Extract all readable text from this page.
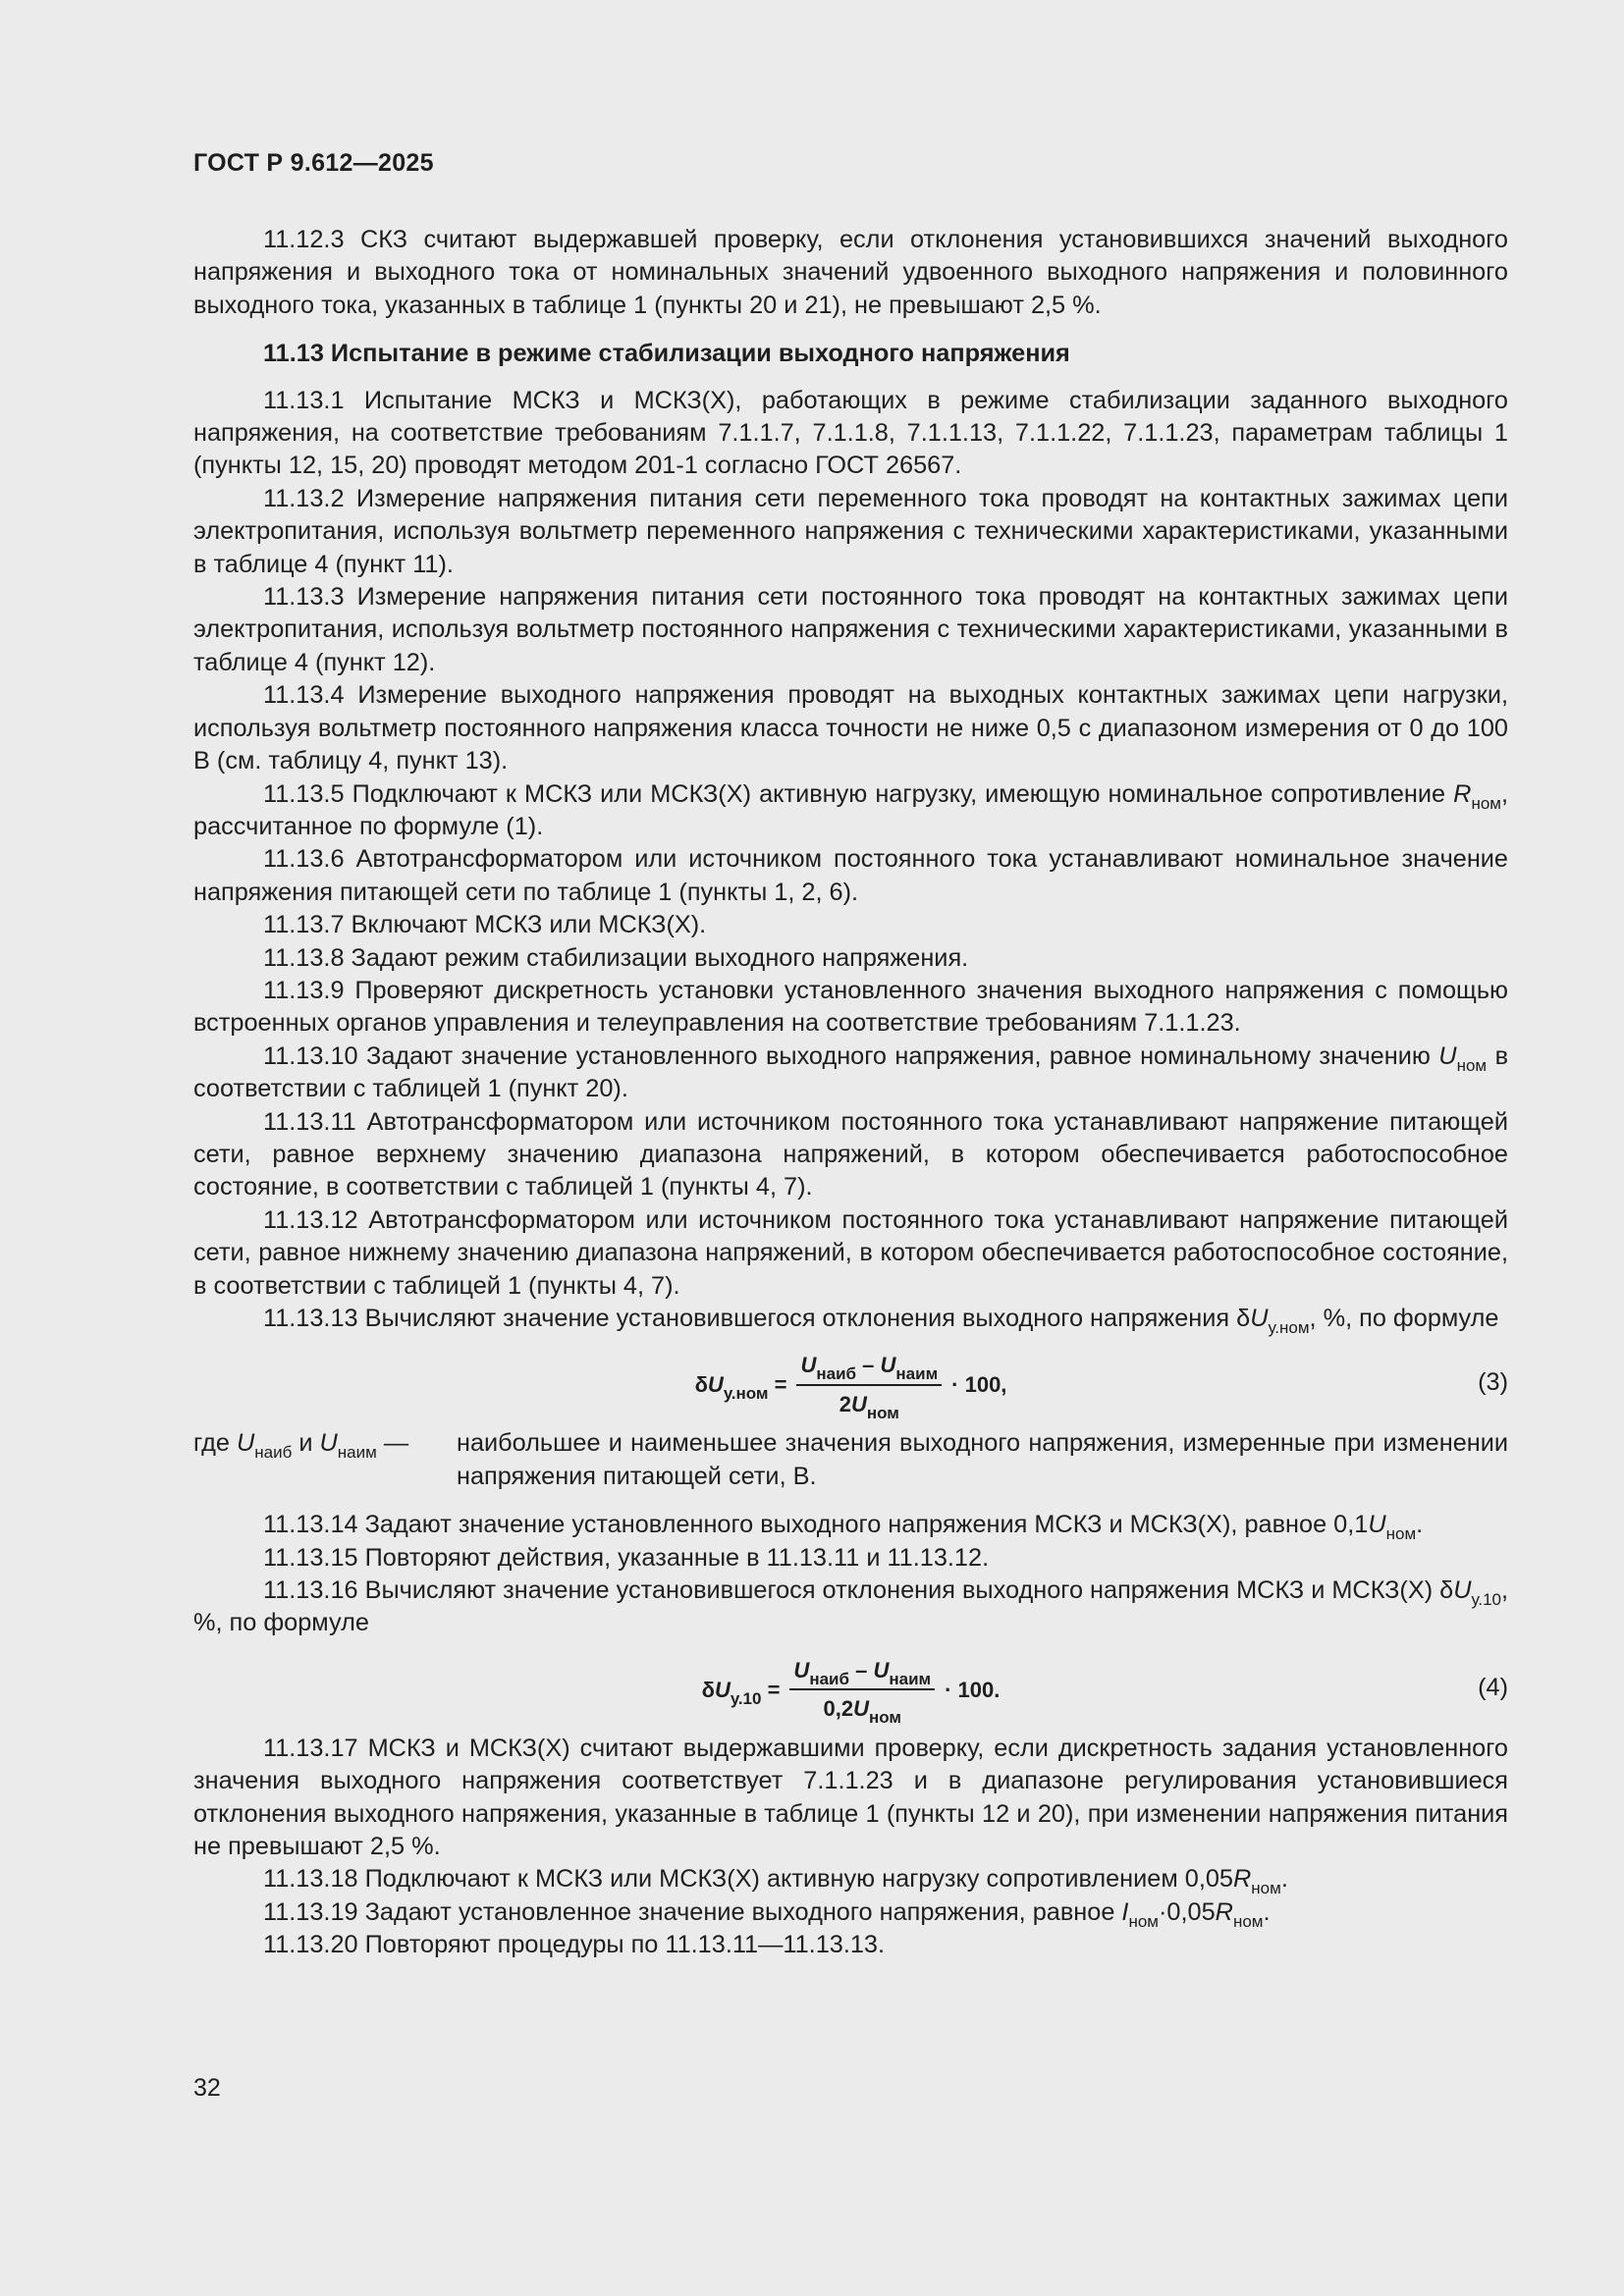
ГОСТ Р 9.612—2025

11.12.3 СКЗ считают выдержавшей проверку, если отклонения установившихся значений выходного напряжения и выходного тока от номинальных значений удвоенного выходного напряжения и половинного выходного тока, указанных в таблице 1 (пункты 20 и 21), не превышают 2,5 %.

11.13 Испытание в режиме стабилизации выходного напряжения

11.13.1 Испытание МСКЗ и МСКЗ(Х), работающих в режиме стабилизации заданного выходного напряжения, на соответствие требованиям 7.1.1.7, 7.1.1.8, 7.1.1.13, 7.1.1.22, 7.1.1.23, параметрам таблицы 1 (пункты 12, 15, 20) проводят методом 201-1 согласно ГОСТ 26567.

11.13.2 Измерение напряжения питания сети переменного тока проводят на контактных зажимах цепи электропитания, используя вольтметр переменного напряжения с техническими характеристиками, указанными в таблице 4 (пункт 11).

11.13.3 Измерение напряжения питания сети постоянного тока проводят на контактных зажимах цепи электропитания, используя вольтметр постоянного напряжения с техническими характеристиками, указанными в таблице 4 (пункт 12).

11.13.4 Измерение выходного напряжения проводят на выходных контактных зажимах цепи нагрузки, используя вольтметр постоянного напряжения класса точности не ниже 0,5 с диапазоном измерения от 0 до 100 В (см. таблицу 4, пункт 13).

11.13.5 Подключают к МСКЗ или МСКЗ(Х) активную нагрузку, имеющую номинальное сопротивление $R_{ном}$, рассчитанное по формуле (1).

11.13.6 Автотрансформатором или источником постоянного тока устанавливают номинальное значение напряжения питающей сети по таблице 1 (пункты 1, 2, 6).

11.13.7 Включают МСКЗ или МСКЗ(Х).

11.13.8 Задают режим стабилизации выходного напряжения.

11.13.9 Проверяют дискретность установки установленного значения выходного напряжения с помощью встроенных органов управления и телеуправления на соответствие требованиям 7.1.1.23.

11.13.10 Задают значение установленного выходного напряжения, равное номинальному значению $U_{ном}$ в соответствии с таблицей 1 (пункт 20).

11.13.11 Автотрансформатором или источником постоянного тока устанавливают напряжение питающей сети, равное верхнему значению диапазона напряжений, в котором обеспечивается работоспособное состояние, в соответствии с таблицей 1 (пункты 4, 7).

11.13.12 Автотрансформатором или источником постоянного тока устанавливают напряжение питающей сети, равное нижнему значению диапазона напряжений, в котором обеспечивается работоспособное состояние, в соответствии с таблицей 1 (пункты 4, 7).

11.13.13 Вычисляют значение установившегося отклонения выходного напряжения $\delta U_{у.ном}$, %, по формуле

$\delta U_{у.ном} = \frac{U_{наиб} - U_{наим}}{2U_{ном}} \cdot 100$,	(3)
где $U_{наиб}$ и $U_{наим}$ —	наибольшее и наименьшее значения выходного напряжения, измеренные при изменении напряжения питающей сети, В.

11.13.14 Задают значение установленного выходного напряжения МСКЗ и МСКЗ(Х), равное $0,1U_{ном}$.

11.13.15 Повторяют действия, указанные в 11.13.11 и 11.13.12.

11.13.16 Вычисляют значение установившегося отклонения выходного напряжения МСКЗ и МСКЗ(Х) $\delta U_{у.10}$, %, по формуле

$\delta U_{у.10} = \frac{U_{наиб} - U_{наим}}{0,2U_{ном}} \cdot 100$.	(4)

11.13.17 МСКЗ и МСКЗ(Х) считают выдержавшими проверку, если дискретность задания установленного значения выходного напряжения соответствует 7.1.1.23 и в диапазоне регулирования установившиеся отклонения выходного напряжения, указанные в таблице 1 (пункты 12 и 20), при изменении напряжения питания не превышают 2,5 %.

11.13.18 Подключают к МСКЗ или МСКЗ(Х) активную нагрузку сопротивлением $0,05R_{ном}$.

11.13.19 Задают установленное значение выходного напряжения, равное $I_{ном}\cdot 0,05R_{ном}$.

11.13.20 Повторяют процедуры по 11.13.11—11.13.13.

32
